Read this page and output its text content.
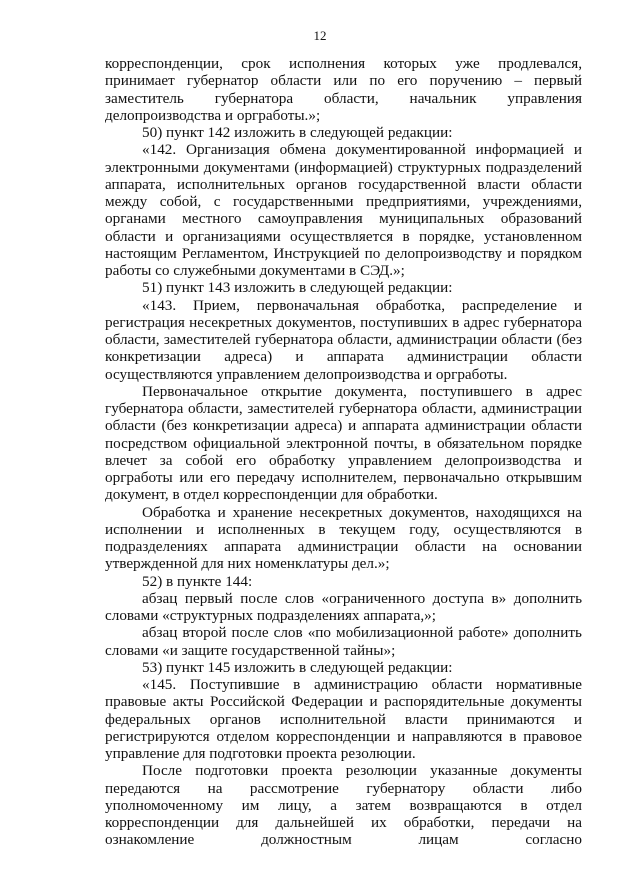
12

корреспонденции, срок исполнения которых уже продлевался, принимает губернатор области или по его поручению – первый заместитель губернатора области, начальник управления делопроизводства и оргработы.»;

50) пункт 142 изложить в следующей редакции:

«142. Организация обмена документированной информацией и электронными документами (информацией) структурных подразделений аппарата, исполнительных органов государственной власти области между собой, с государственными предприятиями, учреждениями, органами местного самоуправления муниципальных образований области и организациями осуществляется в порядке, установленном настоящим Регламентом, Инструкцией по делопроизводству и порядком работы со служебными документами в СЭД.»;

51) пункт 143 изложить в следующей редакции:

«143. Прием, первоначальная обработка, распределение и регистрация несекретных документов, поступивших в адрес губернатора области, заместителей губернатора области, администрации области (без конкретизации адреса) и аппарата администрации области осуществляются управлением делопроизводства и оргработы.

Первоначальное открытие документа, поступившего в адрес губернатора области, заместителей губернатора области, администрации области (без конкретизации адреса) и аппарата администрации области посредством официальной электронной почты, в обязательном порядке влечет за собой его обработку управлением делопроизводства и оргработы или его передачу исполнителем, первоначально открывшим документ, в отдел корреспонденции для обработки.

Обработка и хранение несекретных документов, находящихся на исполнении и исполненных в текущем году, осуществляются в подразделениях аппарата администрации области на основании утвержденной для них номенклатуры дел.»;

52) в пункте 144:

абзац первый после слов «ограниченного доступа в» дополнить словами «структурных подразделениях аппарата,»;

абзац второй после слов «по мобилизационной работе» дополнить словами «и защите государственной тайны»;

53) пункт 145 изложить в следующей редакции:

«145. Поступившие в администрацию области нормативные правовые акты Российской Федерации и распорядительные документы федеральных органов исполнительной власти принимаются и регистрируются отделом корреспонденции и направляются в правовое управление для подготовки проекта резолюции.

После подготовки проекта резолюции указанные документы передаются на рассмотрение губернатору области либо уполномоченному им лицу, а затем возвращаются в отдел корреспонденции для дальнейшей их обработки, передачи на ознакомление должностным лицам согласно
